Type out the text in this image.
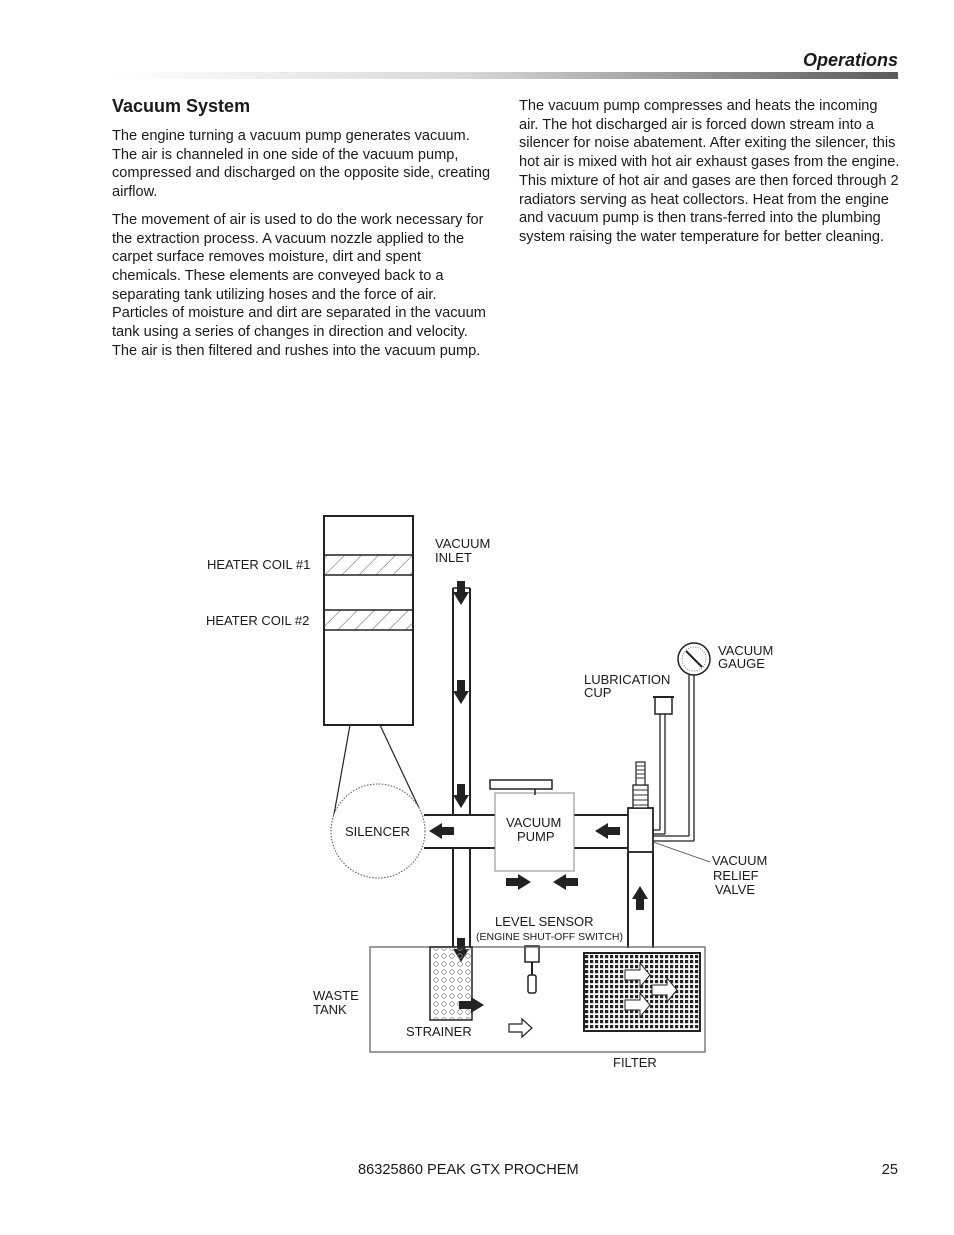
Operations
Vacuum System

The engine turning a vacuum pump generates vacuum. The air is channeled in one side of the vacuum pump, compressed and discharged on the opposite side, creating airflow.

The movement of air is used to do the work necessary for the extraction process. A vacuum nozzle applied to the carpet surface removes moisture, dirt and spent chemicals. These elements are conveyed back to a separating tank utilizing hoses and the force of air. Particles of moisture and dirt are separated in the vacuum tank using a series of changes in direction and velocity. The air is then filtered and rushes into the vacuum pump.

The vacuum pump compresses and heats the incoming air. The hot discharged air is forced down stream into a silencer for noise abatement. After exiting the silencer, this hot air is mixed with hot air exhaust gases from the engine. This mixture of hot air and gases are then forced through 2 radiators serving as heat collectors. Heat from the engine and vacuum pump is then trans-ferred into the plumbing system raising the water temperature for better cleaning.

HEATER COIL #1
HEATER COIL #2
SILENCER
VACUUM
INLET
VACUUM
PUMP
VACUUM
RELIEF
VALVE
LUBRICATION
CUP
VACUUM
GAUGE
LEVEL SENSOR
(ENGINE SHUT-OFF SWITCH)
WASTE
TANK
STRAINER
FILTER
86325860 PEAK GTX PROCHEM	25
